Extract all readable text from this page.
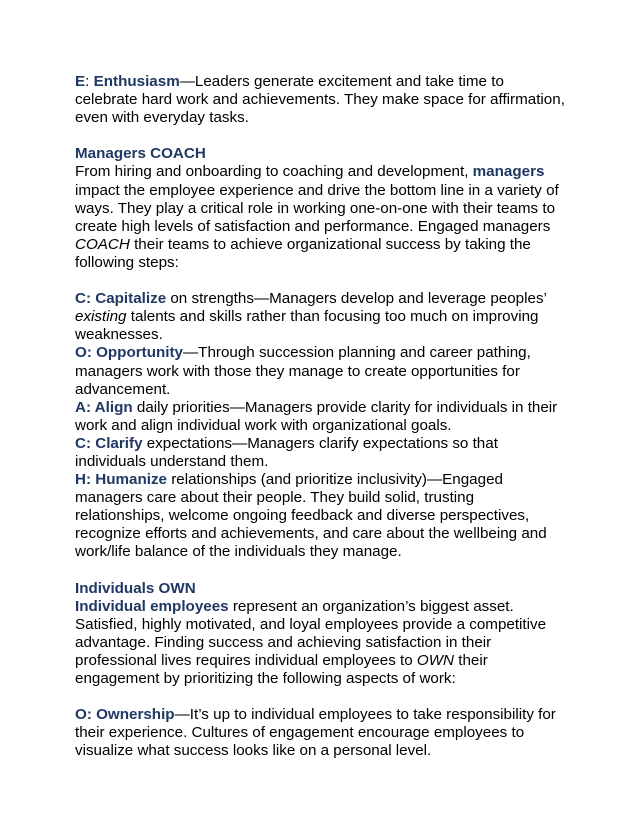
E: Enthusiasm—Leaders generate excitement and take time to celebrate hard work and achievements. They make space for affirmation, even with everyday tasks.

Managers COACH

From hiring and onboarding to coaching and development, managers impact the employee experience and drive the bottom line in a variety of ways. They play a critical role in working one-on-one with their teams to create high levels of satisfaction and performance. Engaged managers COACH their teams to achieve organizational success by taking the following steps:

C: Capitalize on strengths—Managers develop and leverage peoples’ existing talents and skills rather than focusing too much on improving weaknesses.

O: Opportunity—Through succession planning and career pathing, managers work with those they manage to create opportunities for advancement.

A: Align daily priorities—Managers provide clarity for individuals in their work and align individual work with organizational goals.

C: Clarify expectations—Managers clarify expectations so that individuals understand them.

H: Humanize relationships (and prioritize inclusivity)—Engaged managers care about their people. They build solid, trusting relationships, welcome ongoing feedback and diverse perspectives, recognize efforts and achievements, and care about the wellbeing and work/life balance of the individuals they manage.

Individuals OWN

Individual employees represent an organization’s biggest asset. Satisfied, highly motivated, and loyal employees provide a competitive advantage. Finding success and achieving satisfaction in their professional lives requires individual employees to OWN their engagement by prioritizing the following aspects of work:

O: Ownership—It’s up to individual employees to take responsibility for their experience. Cultures of engagement encourage employees to visualize what success looks like on a personal level.
